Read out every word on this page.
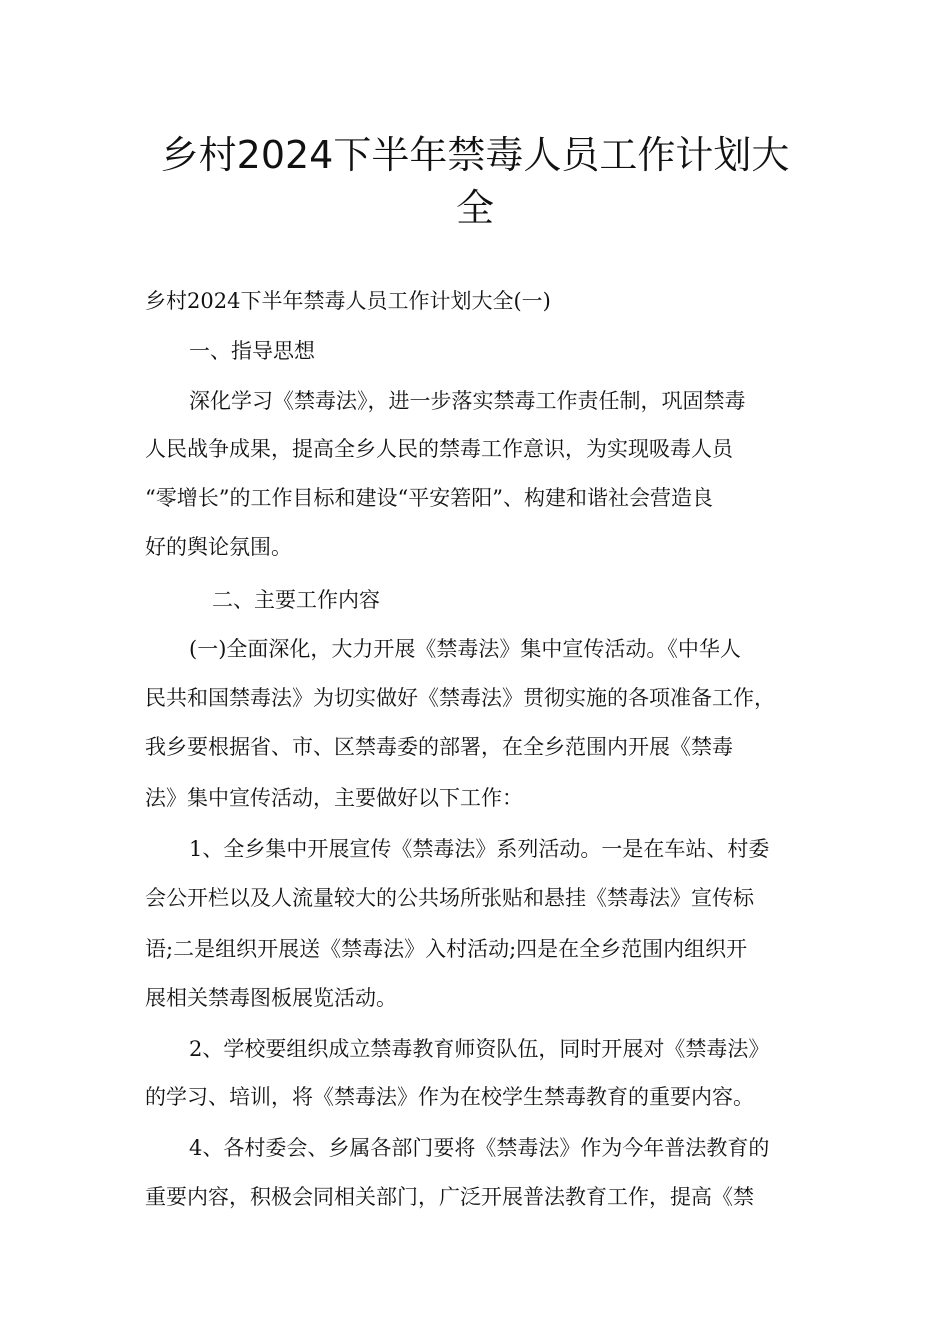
乡村2024下半年禁毒人员工作计划大
全
乡村2024下半年禁毒人员工作计划大全(一)
一、指导思想
深化学习《禁毒法》，进一步落实禁毒工作责任制，巩固禁毒
人民战争成果，提高全乡人民的禁毒工作意识，为实现吸毒人员
“零增长”的工作目标和建设“平安箬阳”、构建和谐社会营造良
好的舆论氛围。
二、主要工作内容
(一)全面深化，大力开展《禁毒法》集中宣传活动。《中华人
民共和国禁毒法》为切实做好《禁毒法》贯彻实施的各项准备工作，
我乡要根据省、市、区禁毒委的部署，在全乡范围内开展《禁毒
法》集中宣传活动，主要做好以下工作：
1、全乡集中开展宣传《禁毒法》系列活动。一是在车站、村委
会公开栏以及人流量较大的公共场所张贴和悬挂《禁毒法》宣传标
语;二是组织开展送《禁毒法》入村活动;四是在全乡范围内组织开
展相关禁毒图板展览活动。
2、学校要组织成立禁毒教育师资队伍，同时开展对《禁毒法》
的学习、培训，将《禁毒法》作为在校学生禁毒教育的重要内容。
4、各村委会、乡属各部门要将《禁毒法》作为今年普法教育的
重要内容，积极会同相关部门，广泛开展普法教育工作，提高《禁
